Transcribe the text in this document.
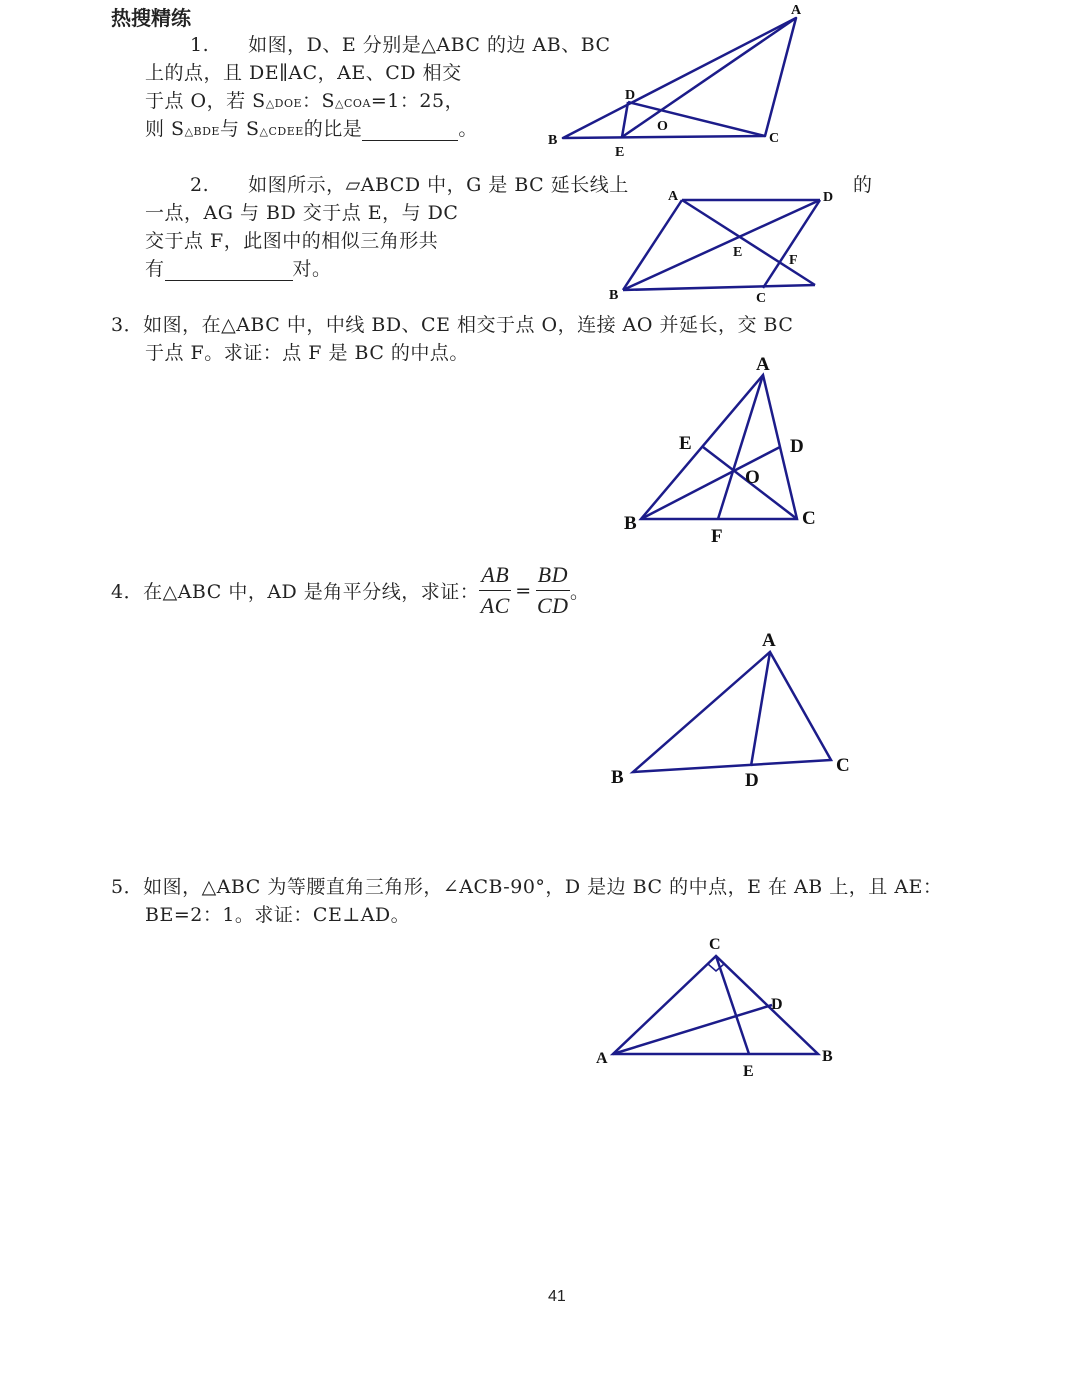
热搜精练
1.　　如图，D、E 分别是△ABC 的边 AB、BC
上的点，且 DE∥AC，AE、CD 相交
于点 O，若 S△DOE：S△COA=1：25，
则 S△BDE与 S△CDEE的比是	。
2.　　如图所示，▱ABCD 中，G 是 BC 延长线上	的
一点，AG 与 BD 交于点 E，与 DC
交于点 F，此图中的相似三角形共
有	对。
3．如图，在△ABC 中，中线 BD、CE 相交于点 O，连接 AO 并延长，交 BC
于点 F。求证：点 F 是 BC 的中点。
4．在△ABC 中，AD 是角平分线，求证： $\frac{AB}{AC} = \frac{BD}{CD}$ 。
5．如图，△ABC 为等腰直角三角形，∠ACB-90°，D 是边 BC 的中点，E 在 AB 上，且 AE：
BE=2：1。求证：CE⊥AD。
A
B	C
D
E
O
A	D
B	C
E
F
A
B	C
D
E
F
O
A
B
C
D
C
A	B
D
E
41
